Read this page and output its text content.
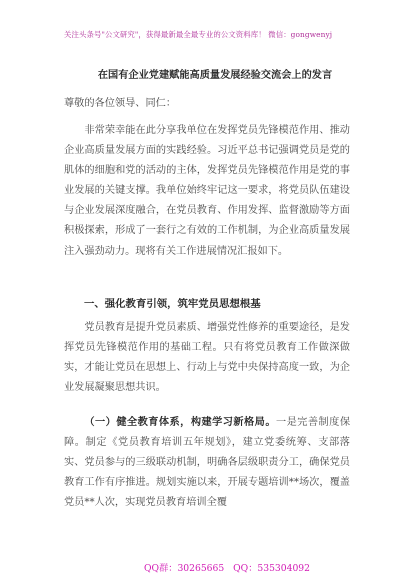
关注头条号"公文研究"，获得最新最全最专业的公文资料库！ 微信：gongwenyj
在国有企业党建赋能高质量发展经验交流会上的发言
尊敬的各位领导、同仁：

非常荣幸能在此分享我单位在发挥党员先锋模范作用、推动企业高质量发展方面的实践经验。习近平总书记强调党员是党的肌体的细胞和党的活动的主体，发挥党员先锋模范作用是党的事业发展的关键支撑。我单位始终牢记这一要求，将党员队伍建设与企业发展深度融合，在党员教育、作用发挥、监督激励等方面积极探索，形成了一套行之有效的工作机制，为企业高质量发展注入强劲动力。现将有关工作进展情况汇报如下。

一、强化教育引领，筑牢党员思想根基

党员教育是提升党员素质、增强党性修养的重要途径，是发挥党员先锋模范作用的基础工程。只有将党员教育工作做深做实，才能让党员在思想上、行动上与党中央保持高度一致，为企业发展凝聚思想共识。

（一）健全教育体系，构建学习新格局。一是完善制度保障。制定《党员教育培训五年规划》，建立党委统筹、支部落实、党员参与的三级联动机制，明确各层级职责分工，确保党员教育工作有序推进。规划实施以来，开展专题培训**场次，覆盖党员**人次，实现党员教育培训全覆

QQ群：30265665 QQ：535304092
